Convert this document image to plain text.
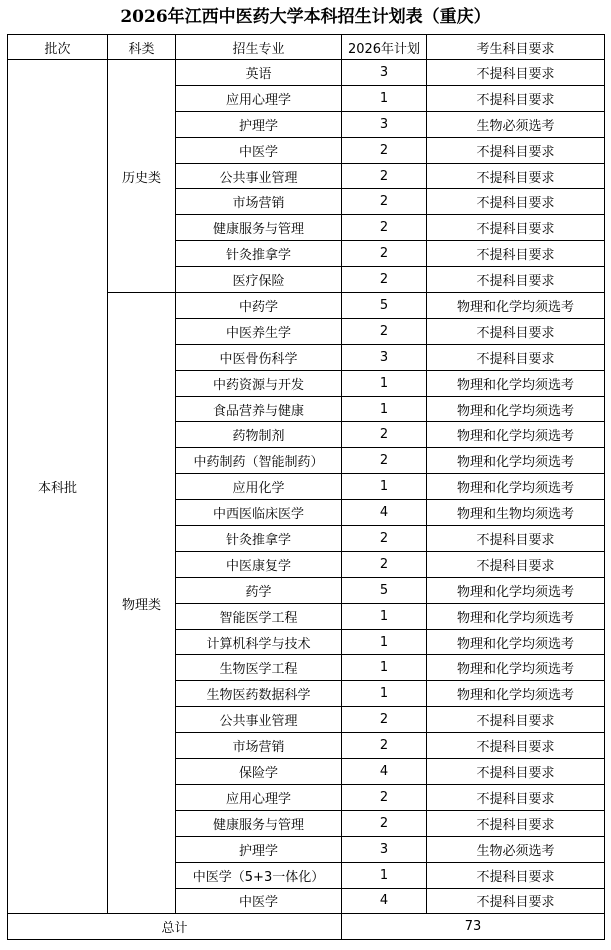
2026年江西中医药大学本科招生计划表（重庆）
批次	科类	招生专业	2026年计划	考生科目要求
本科批	历史类	英语	3	不提科目要求
		应用心理学	1	不提科目要求
		护理学	3	生物必须选考
		中医学	2	不提科目要求
		公共事业管理	2	不提科目要求
		市场营销	2	不提科目要求
		健康服务与管理	2	不提科目要求
		针灸推拿学	2	不提科目要求
		医疗保险	2	不提科目要求
	物理类	中药学	5	物理和化学均须选考
		中医养生学	2	不提科目要求
		中医骨伤科学	3	不提科目要求
		中药资源与开发	1	物理和化学均须选考
		食品营养与健康	1	物理和化学均须选考
		药物制剂	2	物理和化学均须选考
		中药制药（智能制药）	2	物理和化学均须选考
		应用化学	1	物理和化学均须选考
		中西医临床医学	4	物理和生物均须选考
		针灸推拿学	2	不提科目要求
		中医康复学	2	不提科目要求
		药学	5	物理和化学均须选考
		智能医学工程	1	物理和化学均须选考
		计算机科学与技术	1	物理和化学均须选考
		生物医学工程	1	物理和化学均须选考
		生物医药数据科学	1	物理和化学均须选考
		公共事业管理	2	不提科目要求
		市场营销	2	不提科目要求
		保险学	4	不提科目要求
		应用心理学	2	不提科目要求
		健康服务与管理	2	不提科目要求
		护理学	3	生物必须选考
		中医学（5+3一体化）	1	不提科目要求
		中医学	4	不提科目要求
总计			73	
